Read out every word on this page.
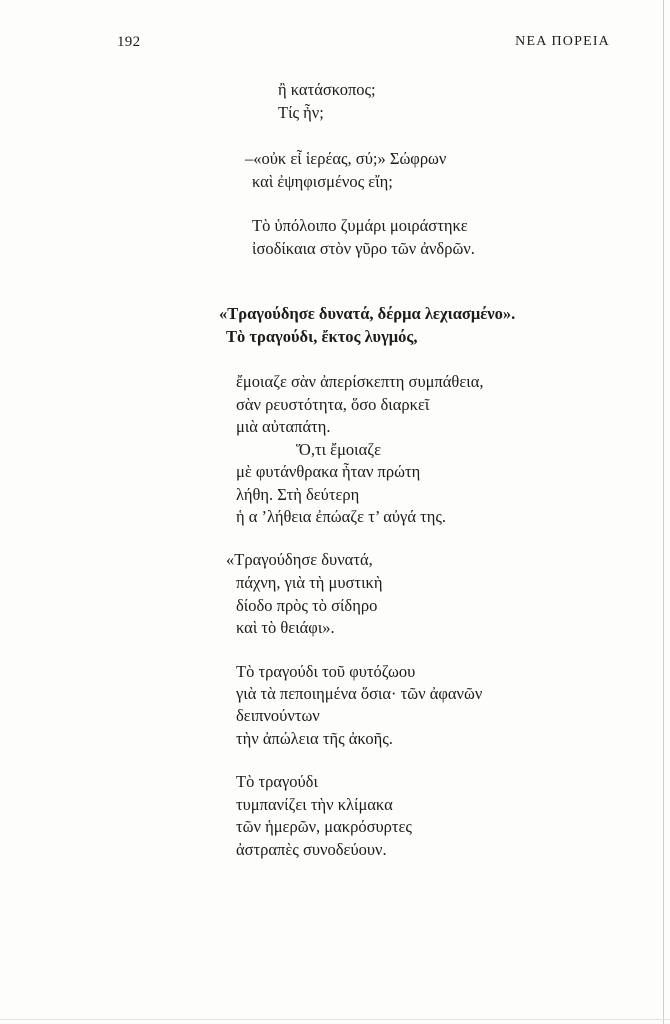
192	ΝΕΑ ΠΟΡΕΙΑ
ἢ κατάσκοπος;
Τίς ἦν;
–«οὐκ εἶ ἱερέας, σύ;» Σώφρων
καὶ ἐψηφισμένος εἴη;
Τὸ ὑπόλοιπο ζυμάρι μοιράστηκε
ἰσοδίκαια στὸν γῦρο τῶν ἀνδρῶν.
«Τραγούδησε δυνατά, δέρμα λεχιασμένο».
Τὸ τραγούδι, ἔκτος λυγμός,
ἔμοιαζε σὰν ἀπερίσκεπτη συμπάθεια,
σὰν ρευστότητα, ὅσο διαρκεῖ
μιὰ αὐταπάτη.
Ὅ,τι ἔμοιαζε
μὲ φυτάνθρακα ἦταν πρώτη
λήθη. Στὴ δεύτερη
ἡ α ’λήθεια ἐπώαζε τ’ αὐγά της.
«Τραγούδησε δυνατά,
πάχνη, γιὰ τὴ μυστικὴ
δίοδο πρὸς τὸ σίδηρο
καὶ τὸ θειάφι».
Τὸ τραγούδι τοῦ φυτόζωου
γιὰ τὰ πεποιημένα ὅσια· τῶν ἀφανῶν
δειπνούντων
τὴν ἀπώλεια τῆς ἀκοῆς.
Τὸ τραγούδι
τυμπανίζει τὴν κλίμακα
τῶν ἡμερῶν, μακρόσυρτες
ἀστραπὲς συνοδεύουν.
